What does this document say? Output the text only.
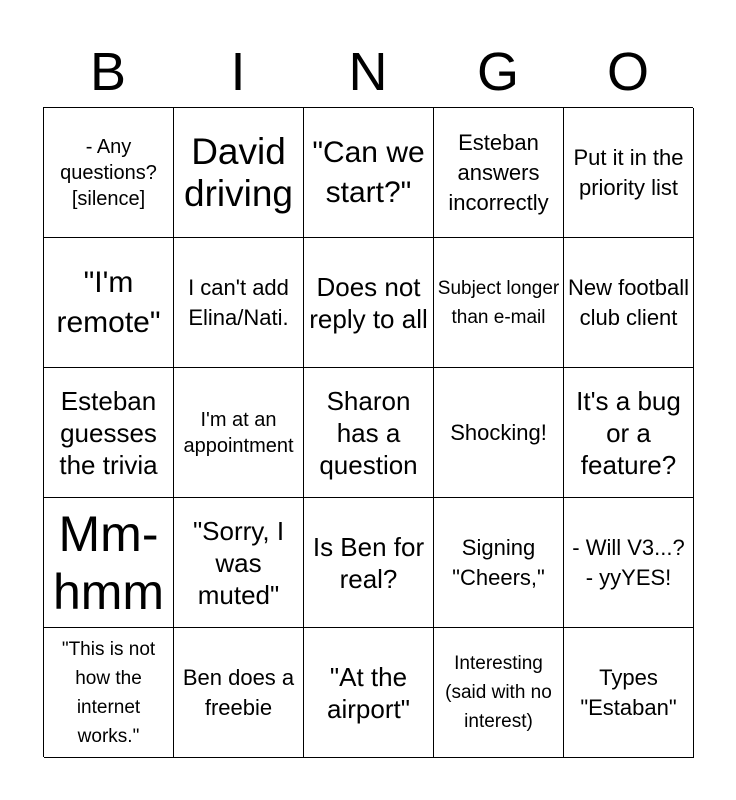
B	I	N	G	O
- Any questions?
[silence]
David driving
"Can we start?"
Esteban answers incorrectly
Put it in the priority list
"I'm remote"
I can't add Elina/Nati.
Does not reply to all
Subject longer than e-mail
New football club client
Esteban guesses the trivia
I'm at an appointment
Sharon has a question
Shocking!
It's a bug or a feature?
Mm-hmm
"Sorry, I was muted"
Is Ben for real?
Signing "Cheers,"
- Will V3...?
- yyYES!
"This is not how the internet works."
Ben does a freebie
"At the airport"
Interesting (said with no interest)
Types "Estaban"
